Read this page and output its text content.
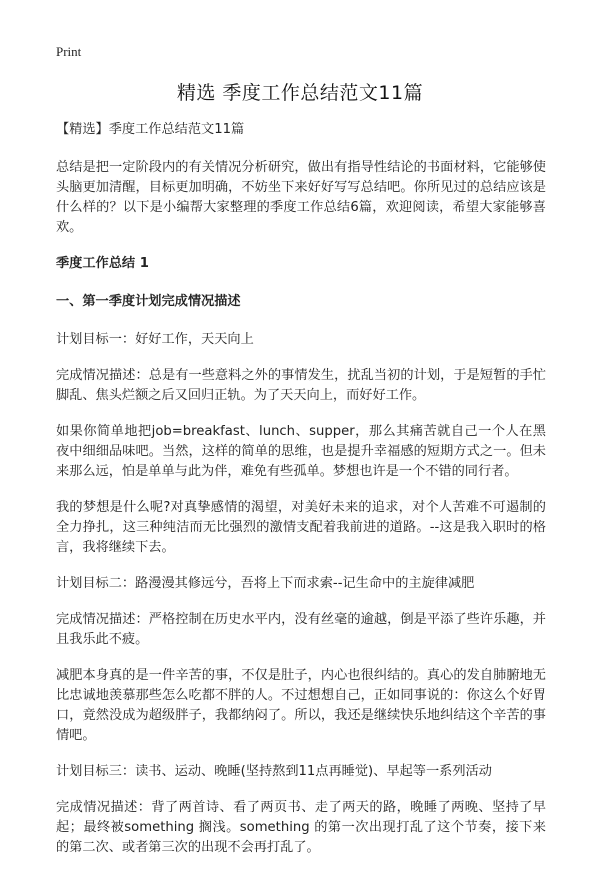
Print
精选 季度工作总结范文11篇

【精选】季度工作总结范文11篇

总结是把一定阶段内的有关情况分析研究，做出有指导性结论的书面材料，它能够使头脑更加清醒，目标更加明确，不妨坐下来好好写写总结吧。你所见过的总结应该是什么样的？以下是小编帮大家整理的季度工作总结6篇，欢迎阅读，希望大家能够喜欢。

季度工作总结 1

一、第一季度计划完成情况描述

计划目标一：好好工作，天天向上

完成情况描述：总是有一些意料之外的事情发生，扰乱当初的计划，于是短暂的手忙脚乱、焦头烂额之后又回归正轨。为了天天向上，而好好工作。

如果你简单地把job=breakfast、lunch、supper，那么其痛苦就自己一个人在黑夜中细细品味吧。当然，这样的简单的思维，也是提升幸福感的短期方式之一。但未来那么远，怕是单单与此为伴，难免有些孤单。梦想也许是一个不错的同行者。

我的梦想是什么呢?对真挚感情的渴望，对美好未来的追求，对个人苦难不可遏制的全力挣扎，这三种纯洁而无比强烈的激情支配着我前进的道路。--这是我入职时的格言，我将继续下去。

计划目标二：路漫漫其修远兮，吾将上下而求索--记生命中的主旋律减肥

完成情况描述：严格控制在历史水平内，没有丝毫的逾越，倒是平添了些许乐趣，并且我乐此不疲。

减肥本身真的是一件辛苦的事，不仅是肚子，内心也很纠结的。真心的发自肺腑地无比忠诚地羡慕那些怎么吃都不胖的人。不过想想自己，正如同事说的：你这么个好胃口，竟然没成为超级胖子，我都纳闷了。所以，我还是继续快乐地纠结这个辛苦的事情吧。

计划目标三：读书、运动、晚睡(坚持熬到11点再睡觉)、早起等一系列活动

完成情况描述：背了两首诗、看了两页书、走了两天的路，晚睡了两晚、坚持了早起；最终被something 搁浅。something 的第一次出现打乱了这个节奏，接下来的第二次、或者第三次的出现不会再打乱了。
